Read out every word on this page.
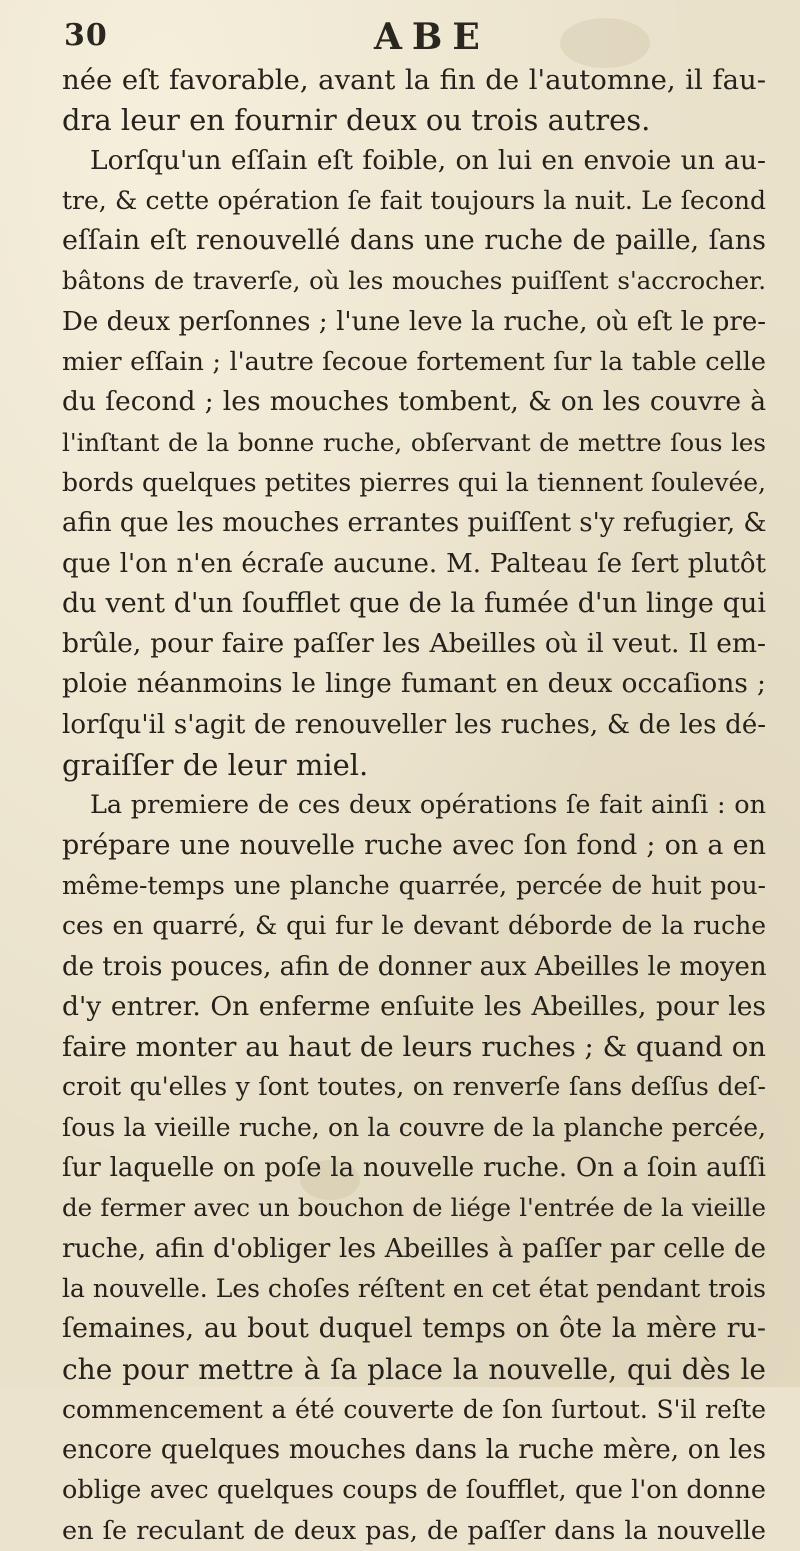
30	ABE
née eſt favorable, avant la fin de l'automne, il fau-
dra leur en fournir deux ou trois autres.
Lorſqu'un eſſain eſt foible, on lui en envoie un au-
tre, & cette opération ſe fait toujours la nuit. Le ſecond
eſſain eſt renouvellé dans une ruche de paille, ſans
bâtons de traverſe, où les mouches puiſſent s'accrocher.
De deux perſonnes ; l'une leve la ruche, où eſt le pre-
mier eſſain ; l'autre ſecoue fortement ſur la table celle
du ſecond ; les mouches tombent, & on les couvre à
l'inſtant de la bonne ruche, obſervant de mettre ſous les
bords quelques petites pierres qui la tiennent ſoulevée,
afin que les mouches errantes puiſſent s'y refugier, &
que l'on n'en écraſe aucune. M. Palteau ſe ſert plutôt
du vent d'un ſoufflet que de la fumée d'un linge qui
brûle, pour faire paſſer les Abeilles où il veut. Il em-
ploie néanmoins le linge fumant en deux occaſions ;
lorſqu'il s'agit de renouveller les ruches, & de les dé-
graiſſer de leur miel.
La premiere de ces deux opérations ſe fait ainſi : on
prépare une nouvelle ruche avec ſon fond ; on a en
même-temps une planche quarrée, percée de huit pou-
ces en quarré, & qui fur le devant déborde de la ruche
de trois pouces, afin de donner aux Abeilles le moyen
d'y entrer. On enferme enſuite les Abeilles, pour les
faire monter au haut de leurs ruches ; & quand on
croit qu'elles y ſont toutes, on renverſe ſans deſſus deſ-
ſous la vieille ruche, on la couvre de la planche percée,
ſur laquelle on poſe la nouvelle ruche. On a ſoin auſſi
de fermer avec un bouchon de liége l'entrée de la vieille
ruche, afin d'obliger les Abeilles à paſſer par celle de
la nouvelle. Les choſes réſtent en cet état pendant trois
ſemaines, au bout duquel temps on ôte la mère ru-
che pour mettre à ſa place la nouvelle, qui dès le
commencement a été couverte de ſon ſurtout. S'il reſte
encore quelques mouches dans la ruche mère, on les
oblige avec quelques coups de ſoufflet, que l'on donne
en ſe reculant de deux pas, de paſſer dans la nouvelle
